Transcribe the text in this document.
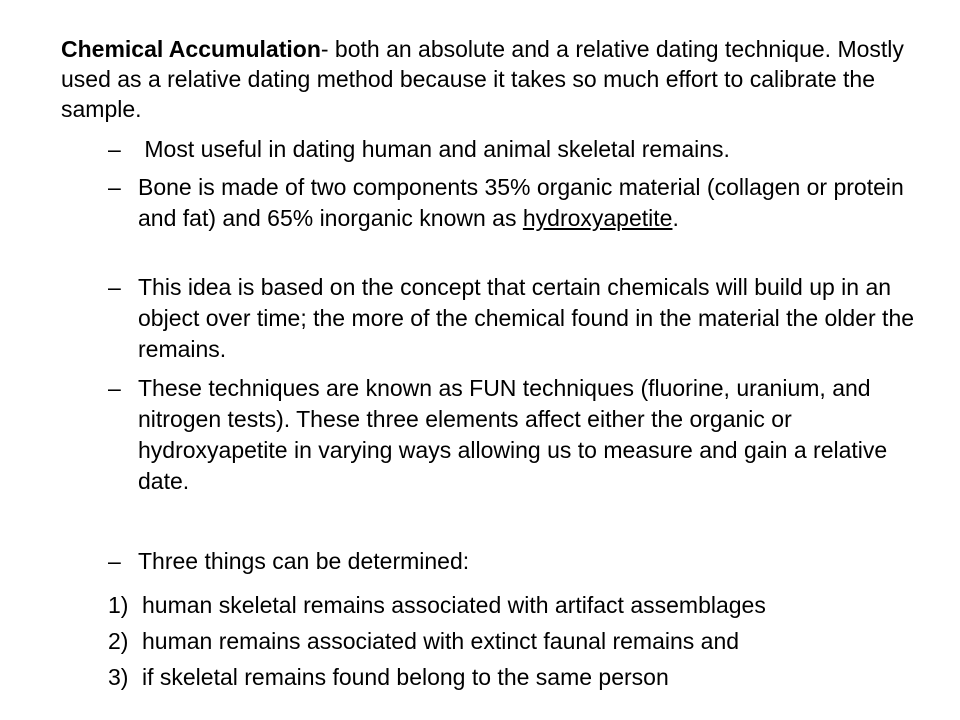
Chemical Accumulation- both an absolute and a relative dating technique. Mostly used as a relative dating method because it takes so much effort to calibrate the sample.
– Most useful in dating human and animal skeletal remains.
– Bone is made of two components 35% organic material (collagen or protein and fat) and 65% inorganic known as hydroxyapetite.
– This idea is based on the concept that certain chemicals will build up in an object over time; the more of the chemical found in the material the older the remains.
– These techniques are known as FUN techniques (fluorine, uranium, and nitrogen tests). These three elements affect either the organic or hydroxyapetite in varying ways allowing us to measure and gain a relative date.
– Three things can be determined:
1) human skeletal remains associated with artifact assemblages
2) human remains associated with extinct faunal remains and
3) if skeletal remains found belong to the same person
